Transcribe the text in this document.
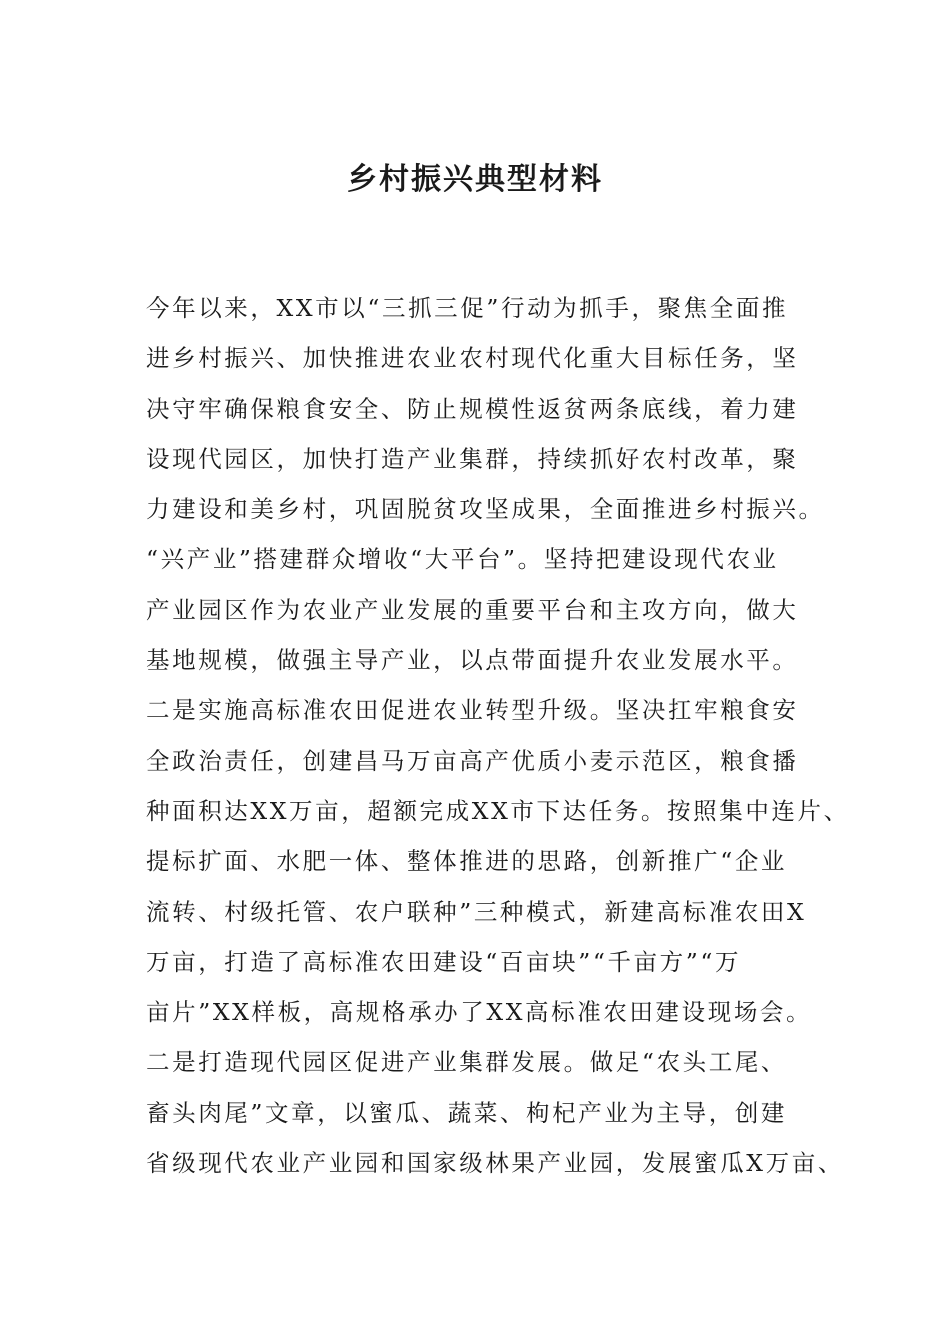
乡村振兴典型材料
今年以来，XX市以“三抓三促”行动为抓手，聚焦全面推
进乡村振兴、加快推进农业农村现代化重大目标任务，坚
决守牢确保粮食安全、防止规模性返贫两条底线，着力建
设现代园区，加快打造产业集群，持续抓好农村改革，聚
力建设和美乡村，巩固脱贫攻坚成果，全面推进乡村振兴。
“兴产业”搭建群众增收“大平台”。坚持把建设现代农业
产业园区作为农业产业发展的重要平台和主攻方向，做大
基地规模，做强主导产业，以点带面提升农业发展水平。
二是实施高标准农田促进农业转型升级。坚决扛牢粮食安
全政治责任，创建昌马万亩高产优质小麦示范区，粮食播
种面积达XX万亩，超额完成XX市下达任务。按照集中连片、
提标扩面、水肥一体、整体推进的思路，创新推广“企业
流转、村级托管、农户联种”三种模式，新建高标准农田X
万亩，打造了高标准农田建设“百亩块”“千亩方”“万
亩片”XX样板，高规格承办了XX高标准农田建设现场会。
二是打造现代园区促进产业集群发展。做足“农头工尾、
畜头肉尾”文章，以蜜瓜、蔬菜、枸杞产业为主导，创建
省级现代农业产业园和国家级林果产业园，发展蜜瓜X万亩、
